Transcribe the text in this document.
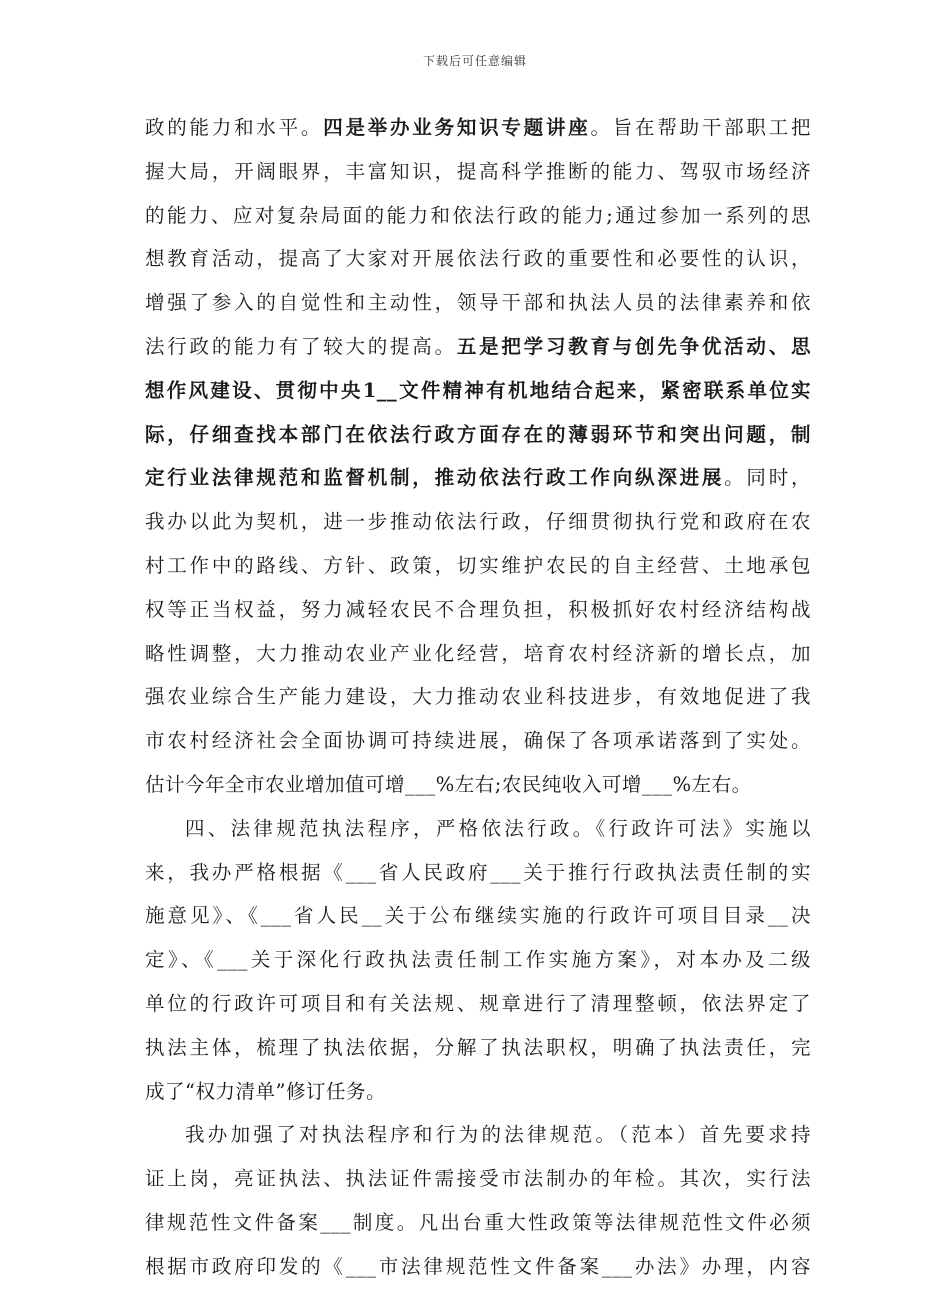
下载后可任意编辑
政的能力和水平。四是举办业务知识专题讲座。旨在帮助干部职工把
握大局，开阔眼界，丰富知识，提高科学推断的能力、驾驭市场经济
的能力、应对复杂局面的能力和依法行政的能力;通过参加一系列的思
想教育活动，提高了大家对开展依法行政的重要性和必要性的认识，
增强了参入的自觉性和主动性，领导干部和执法人员的法律素养和依
法行政的能力有了较大的提高。五是把学习教育与创先争优活动、思
想作风建设、贯彻中央1__文件精神有机地结合起来，紧密联系单位实
际，仔细查找本部门在依法行政方面存在的薄弱环节和突出问题，制
定行业法律规范和监督机制，推动依法行政工作向纵深进展。同时，
我办以此为契机，进一步推动依法行政，仔细贯彻执行党和政府在农
村工作中的路线、方针、政策，切实维护农民的自主经营、土地承包
权等正当权益，努力减轻农民不合理负担，积极抓好农村经济结构战
略性调整，大力推动农业产业化经营，培育农村经济新的增长点，加
强农业综合生产能力建设，大力推动农业科技进步，有效地促进了我
市农村经济社会全面协调可持续进展，确保了各项承诺落到了实处。
估计今年全市农业增加值可增___%左右;农民纯收入可增___%左右。
四、法律规范执法程序，严格依法行政。《行政许可法》实施以
来，我办严格根据《___省人民政府___关于推行行政执法责任制的实
施意见》、《___省人民__关于公布继续实施的行政许可项目目录__决
定》、《___关于深化行政执法责任制工作实施方案》，对本办及二级
单位的行政许可项目和有关法规、规章进行了清理整顿，依法界定了
执法主体，梳理了执法依据，分解了执法职权，明确了执法责任，完
成了“权力清单”修订任务。
我办加强了对执法程序和行为的法律规范。（范本）首先要求持
证上岗，亮证执法、执法证件需接受市法制办的年检。其次，实行法
律规范性文件备案___制度。凡出台重大性政策等法律规范性文件必须
根据市政府印发的《___市法律规范性文件备案___办法》办理，内容
